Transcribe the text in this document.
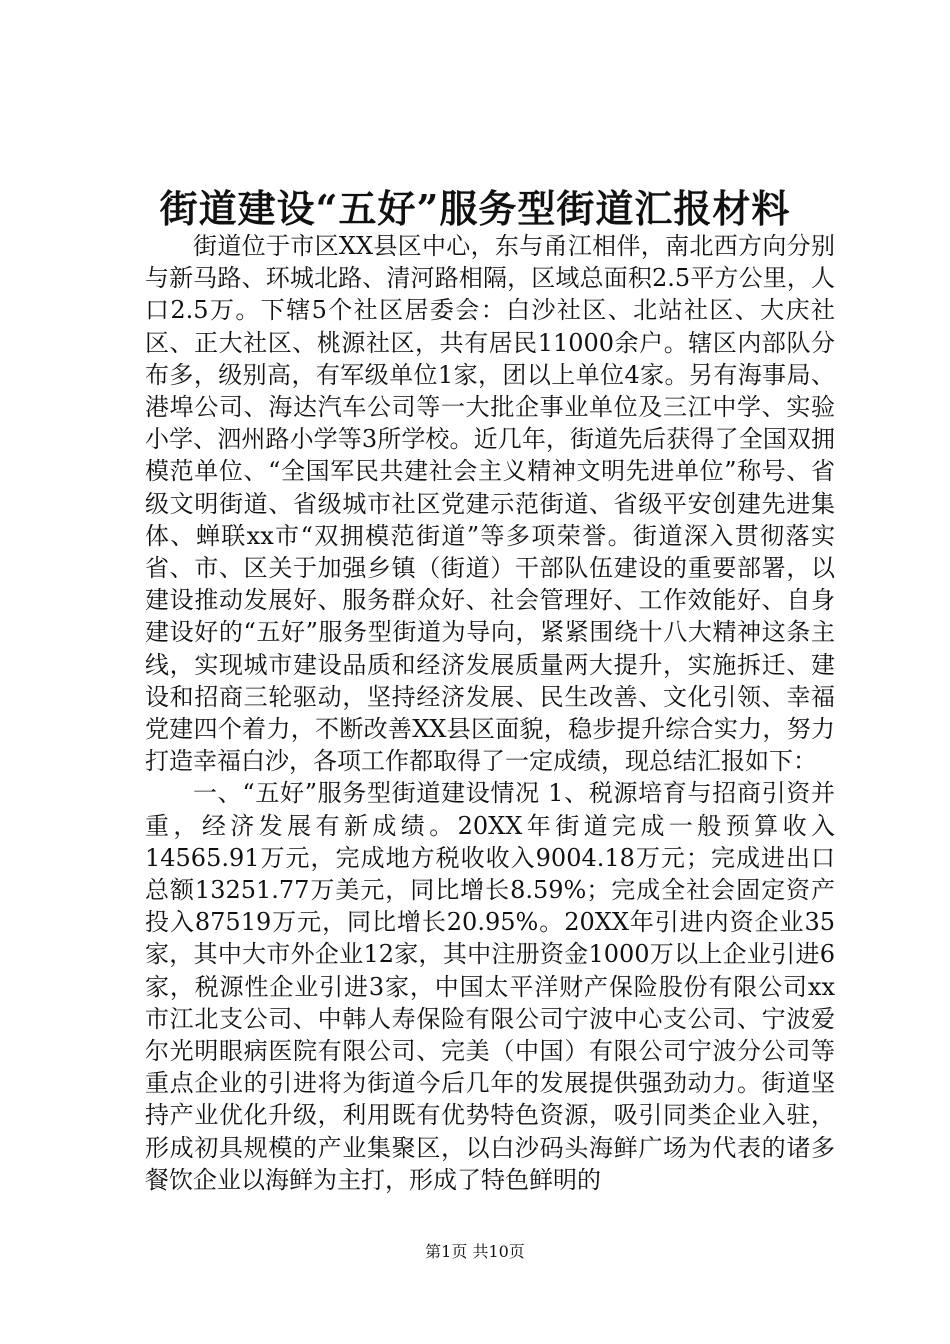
街道建设“五好”服务型街道汇报材料

街道位于市区XX县区中心，东与甬江相伴，南北西方向分别与新马路、环城北路、清河路相隔，区域总面积2.5平方公里，人口2.5万。下辖5个社区居委会：白沙社区、北站社区、大庆社区、正大社区、桃源社区，共有居民11000余户。辖区内部队分布多，级别高，有军级单位1家，团以上单位4家。另有海事局、港埠公司、海达汽车公司等一大批企事业单位及三江中学、实验小学、泗州路小学等3所学校。近几年，街道先后获得了全国双拥模范单位、“全国军民共建社会主义精神文明先进单位”称号、省级文明街道、省级城市社区党建示范街道、省级平安创建先进集体、蝉联xx市“双拥模范街道”等多项荣誉。街道深入贯彻落实省、市、区关于加强乡镇（街道）干部队伍建设的重要部署，以建设推动发展好、服务群众好、社会管理好、工作效能好、自身建设好的“五好”服务型街道为导向，紧紧围绕十八大精神这条主线，实现城市建设品质和经济发展质量两大提升，实施拆迁、建设和招商三轮驱动，坚持经济发展、民生改善、文化引领、幸福党建四个着力，不断改善XX县区面貌，稳步提升综合实力，努力打造幸福白沙，各项工作都取得了一定成绩，现总结汇报如下：

一、“五好”服务型街道建设情况 1、税源培育与招商引资并重，经济发展有新成绩。20XX年街道完成一般预算收入14565.91万元，完成地方税收收入9004.18万元；完成进出口总额13251.77万美元，同比增长8.59%；完成全社会固定资产投入87519万元，同比增长20.95%。20XX年引进内资企业35家，其中大市外企业12家，其中注册资金1000万以上企业引进6家，税源性企业引进3家，中国太平洋财产保险股份有限公司xx市江北支公司、中韩人寿保险有限公司宁波中心支公司、宁波爱尔光明眼病医院有限公司、完美（中国）有限公司宁波分公司等重点企业的引进将为街道今后几年的发展提供强劲动力。街道坚持产业优化升级，利用既有优势特色资源，吸引同类企业入驻，形成初具规模的产业集聚区，以白沙码头海鲜广场为代表的诸多餐饮企业以海鲜为主打，形成了特色鲜明的

第1页 共10页
